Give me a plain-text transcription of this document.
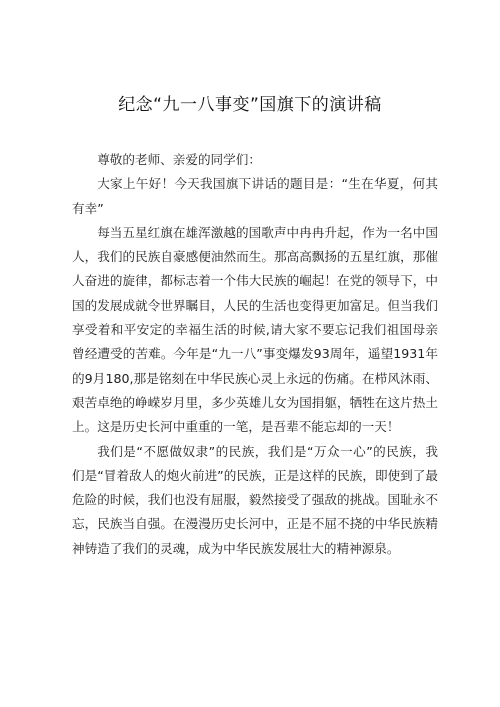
纪念“九一八事变”国旗下的演讲稿

尊敬的老师、亲爱的同学们：

大家上午好！今天我国旗下讲话的题目是：“生在华夏，何其有幸”

每当五星红旗在雄浑激越的国歌声中冉冉升起，作为一名中国人，我们的民族自豪感便油然而生。那高高飘扬的五星红旗，那催人奋进的旋律，都标志着一个伟大民族的崛起！在党的领导下，中国的发展成就令世界瞩目，人民的生活也变得更加富足。但当我们享受着和平安定的幸福生活的时候,请大家不要忘记我们祖国母亲曾经遭受的苦难。今年是“九一八”事变爆发93周年，遥望1931年的9月180,那是铭刻在中华民族心灵上永远的伤痛。在栉风沐雨、艰苦卓绝的峥嵘岁月里，多少英雄儿女为国捐躯，牺牲在这片热土上。这是历史长河中重重的一笔，是吾辈不能忘却的一天！

我们是“不愿做奴隶”的民族，我们是“万众一心”的民族，我们是“冒着敌人的炮火前进”的民族，正是这样的民族，即使到了最危险的时候，我们也没有屈服，毅然接受了强敌的挑战。国耻永不忘，民族当自强。在漫漫历史长河中，正是不屈不挠的中华民族精神铸造了我们的灵魂，成为中华民族发展壮大的精神源泉。
